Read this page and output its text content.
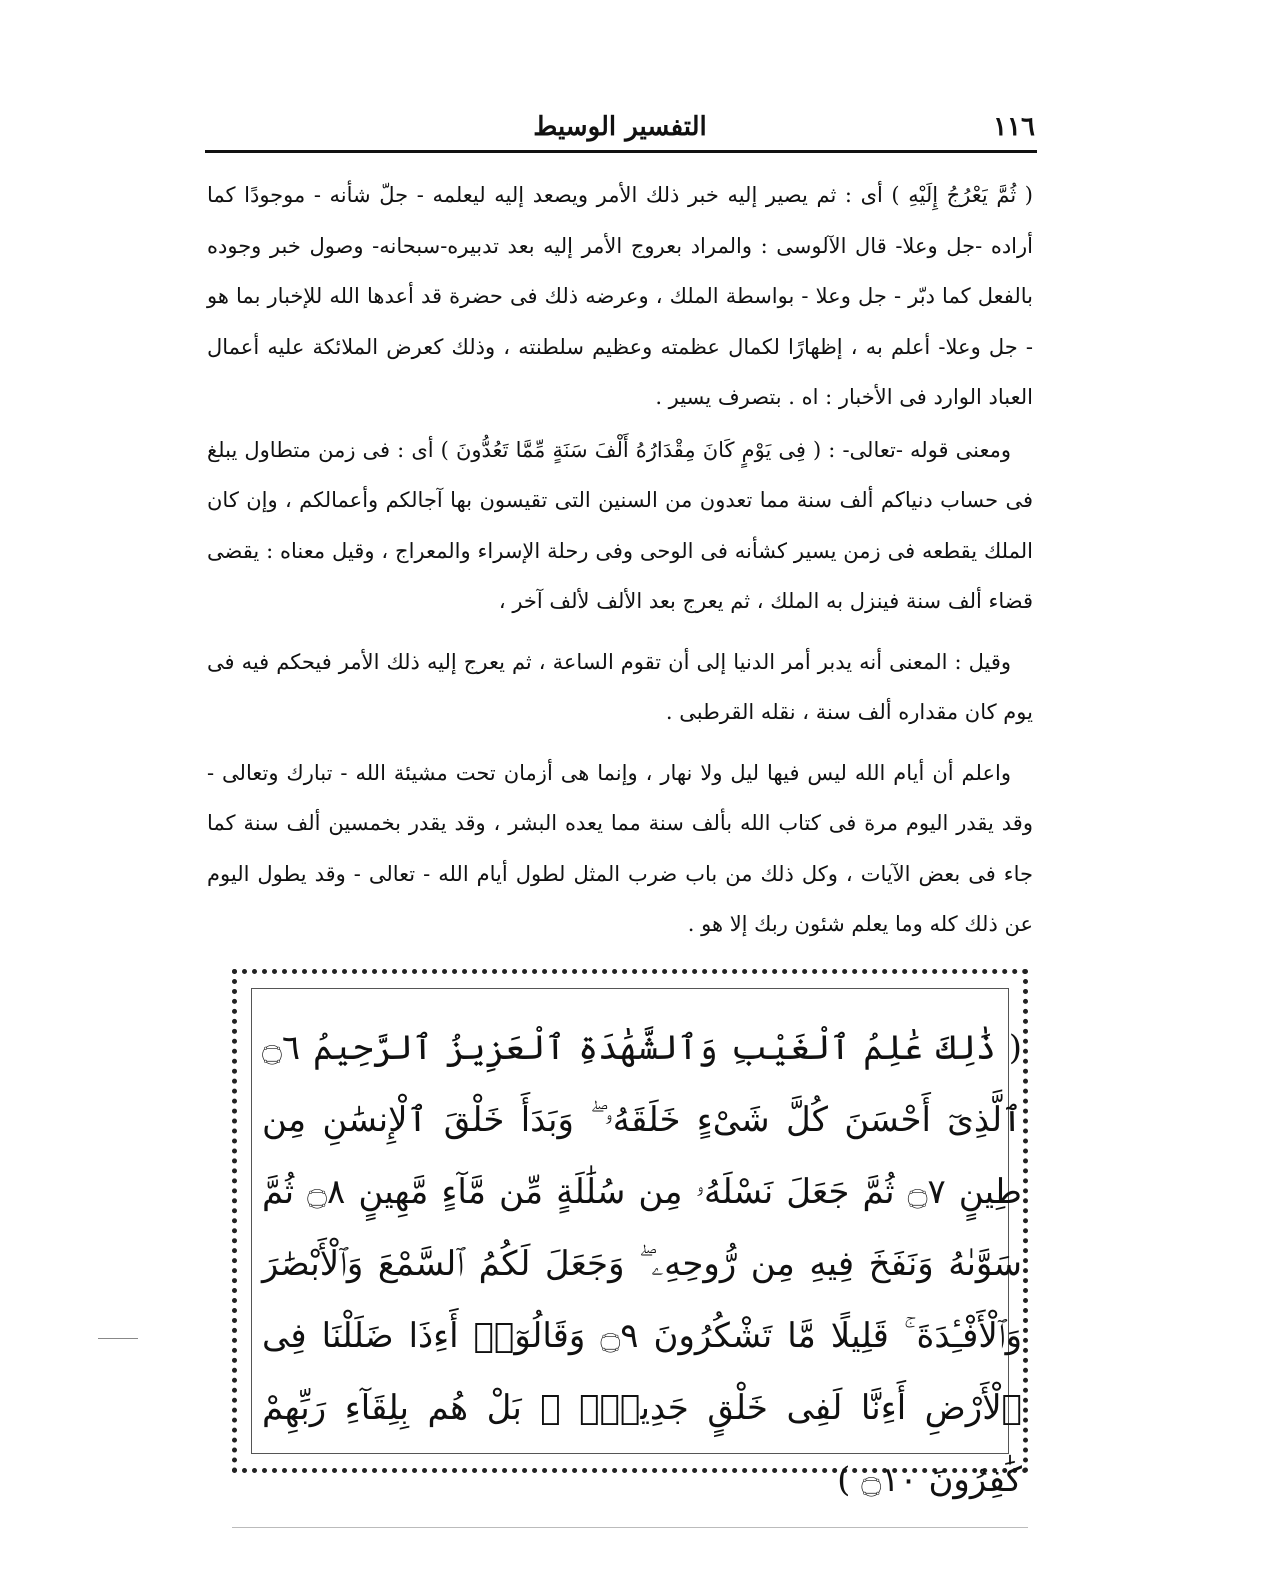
١١٦
التفسير الوسيط

( ثُمَّ يَعْرُجُ إِلَيْهِ ) أى : ثم يصير إليه خبر ذلك الأمر ويصعد إليه ليعلمه - جلّ شأنه - موجودًا كما أراده -جل وعلا- قال الآلوسى : والمراد بعروج الأمر إليه بعد تدبيره-سبحانه- وصول خبر وجوده بالفعل كما دبّر - جل وعلا - بواسطة الملك ، وعرضه ذلك فى حضرة قد أعدها الله للإخبار بما هو - جل وعلا- أعلم به ، إظهارًا لكمال عظمته وعظيم سلطنته ، وذلك كعرض الملائكة عليه أعمال العباد الوارد فى الأخبار : اه . بتصرف يسير .

ومعنى قوله -تعالى- : ( فِى يَوْمٍ كَانَ مِقْدَارُهُ أَلْفَ سَنَةٍ مِّمَّا تَعُدُّونَ ) أى : فى زمن متطاول يبلغ فى حساب دنياكم ألف سنة مما تعدون من السنين التى تقيسون بها آجالكم وأعمالكم ، وإن كان الملك يقطعه فى زمن يسير كشأنه فى الوحى وفى رحلة الإسراء والمعراج ، وقيل معناه : يقضى قضاء ألف سنة فينزل به الملك ، ثم يعرج بعد الألف لألف آخر ،

وقيل : المعنى أنه يدبر أمر الدنيا إلى أن تقوم الساعة ، ثم يعرج إليه ذلك الأمر فيحكم فيه فى يوم كان مقداره ألف سنة ، نقله القرطبى .

واعلم أن أيام الله ليس فيها ليل ولا نهار ، وإنما هى أزمان تحت مشيئة الله - تبارك وتعالى - وقد يقدر اليوم مرة فى كتاب الله بألف سنة مما يعده البشر ، وقد يقدر بخمسين ألف سنة كما جاء فى بعض الآيات ، وكل ذلك من باب ضرب المثل لطول أيام الله - تعالى - وقد يطول اليوم عن ذلك كله وما يعلم شئون ربك إلا هو .

( ذَٰلِكَ عَٰلِمُ ٱلْغَيْبِ وَٱلشَّهَٰدَةِ ٱلْعَزِيزُ ٱلرَّحِيمُ ۝٦ ٱلَّذِىٓ أَحْسَنَ كُلَّ شَىْءٍ خَلَقَهُۥ ۖ وَبَدَأَ خَلْقَ ٱلْإِنسَٰنِ مِن طِينٍ ۝٧ ثُمَّ جَعَلَ نَسْلَهُۥ مِن سُلَٰلَةٍ مِّن مَّآءٍ مَّهِينٍ ۝٨ ثُمَّ سَوَّىٰهُ وَنَفَخَ فِيهِ مِن رُّوحِهِۦ ۖ وَجَعَلَ لَكُمُ ٱلسَّمْعَ وَٱلْأَبْصَٰرَ وَٱلْأَفْـِٔدَةَ ۚ قَلِيلًا مَّا تَشْكُرُونَ ۝٩ وَقَالُوٓا۟ أَءِذَا ضَلَلْنَا فِى ٱلْأَرْضِ أَءِنَّا لَفِى خَلْقٍ جَدِيدٍۭ ۚ بَلْ هُم بِلِقَآءِ رَبِّهِمْ كَٰفِرُونَ ۝١٠ )
